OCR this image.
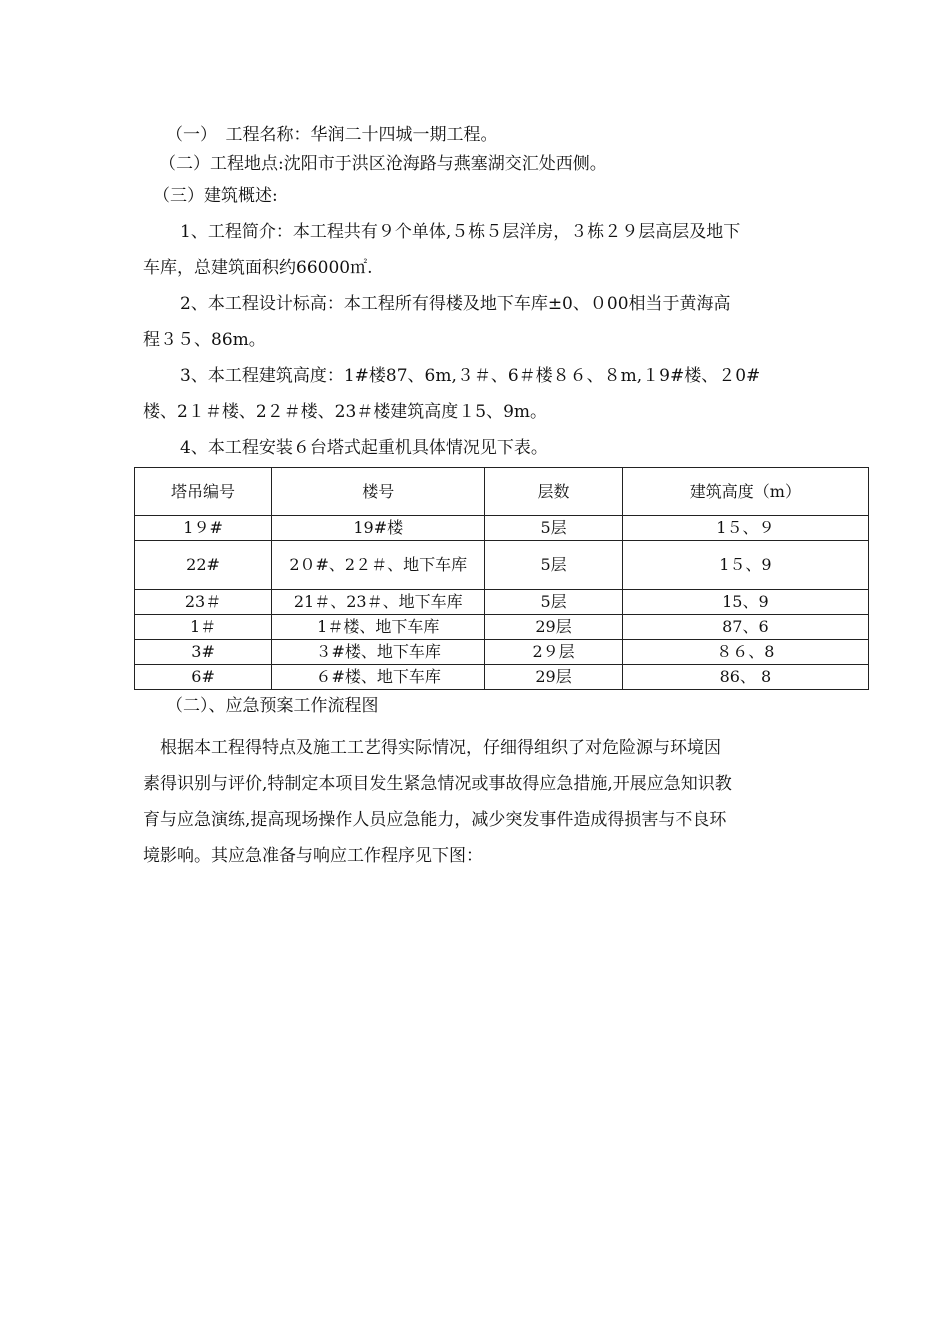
（一）　工程名称：华润二十四城一期工程。
（二）工程地点:沈阳市于洪区沧海路与燕塞湖交汇处西侧。
（三）建筑概述:
1、工程简介：本工程共有９个单体,５栋５层洋房，３栋２９层高层及地下
车库，总建筑面积约66000㎡.
2、本工程设计标高：本工程所有得楼及地下车库±0、０00相当于黄海高
程３５、86m。
3、本工程建筑高度：1#楼87、6m,３＃、6＃楼８６、８m,１9#楼、２0#
楼、2１＃楼、2２＃楼、23＃楼建筑高度１5、9m。
4、本工程安装６台塔式起重机具体情况见下表。
塔吊编号	楼号	层数	建筑高度（m）
1９#	19#楼	5层	1５、９
22#	2０#、2２＃、地下车库	5层	1５、9
23＃	21＃、23＃、地下车库	5层	15、9
1＃	1＃楼、地下车库	29层	87、6
3#	３#楼、地下车库	2９层	８６、8
6#	６#楼、地下车库	29层	86、 8
（二）、应急预案工作流程图
根据本工程得特点及施工工艺得实际情况，仔细得组织了对危险源与环境因
素得识别与评价,特制定本项目发生紧急情况或事故得应急措施,开展应急知识教
育与应急演练,提高现场操作人员应急能力，减少突发事件造成得损害与不良环
境影响。其应急准备与响应工作程序见下图：
